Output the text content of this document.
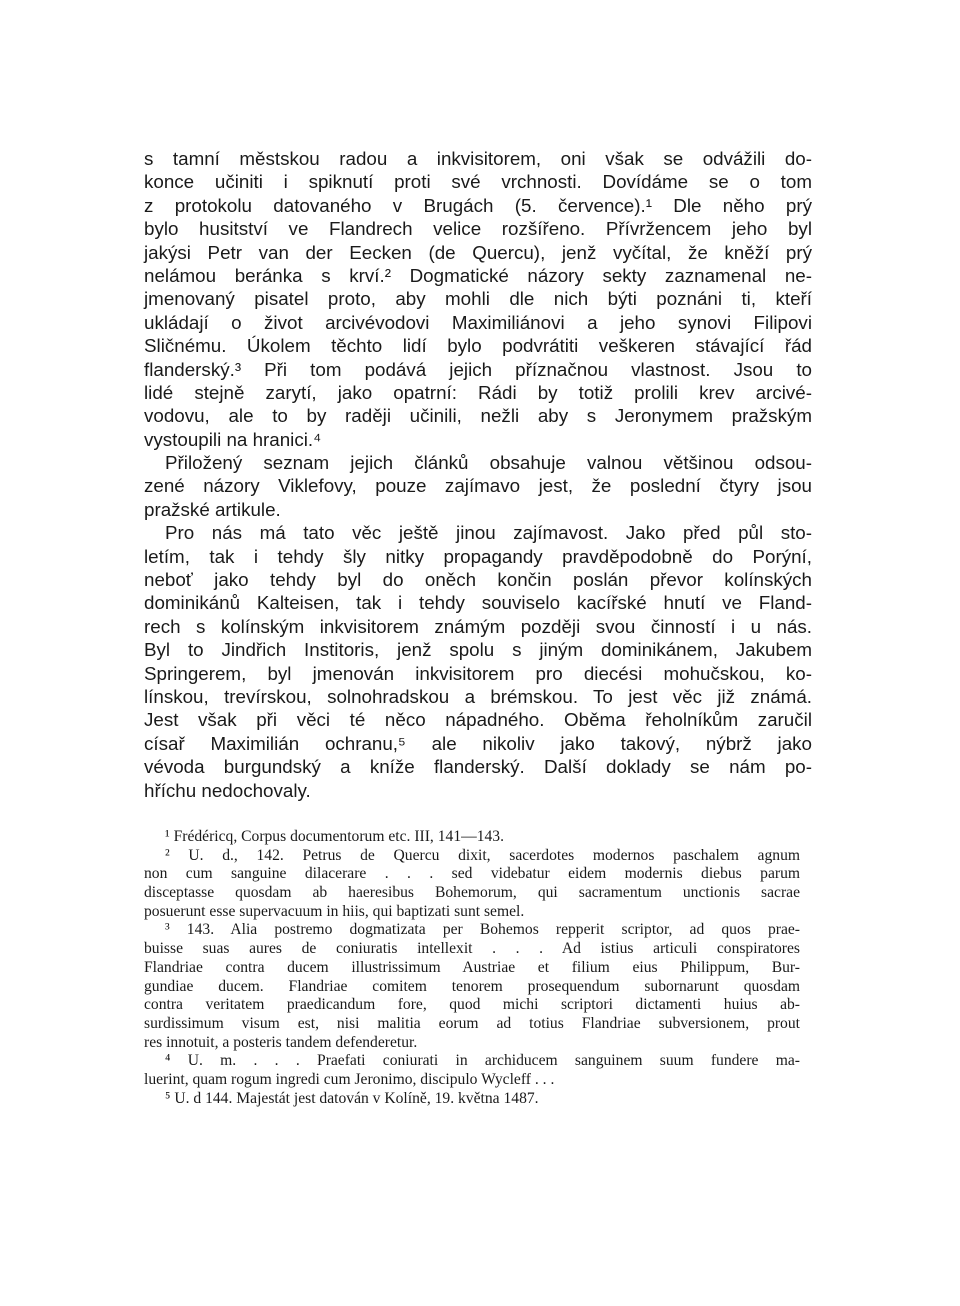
s tamní městskou radou a inkvisitorem, oni však se odvážili do-
konce učiniti i spiknutí proti své vrchnosti. Dovídáme se o tom
z protokolu datovaného v Brugách (5. července).¹ Dle něho prý
bylo husitství ve Flandrech velice rozšířeno. Přívržencem jeho byl
jakýsi Petr van der Eecken (de Quercu), jenž vyčítal, že kněží prý
nelámou beránka s krví.² Dogmatické názory sekty zaznamenal ne-
jmenovaný pisatel proto, aby mohli dle nich býti poznáni ti, kteří
ukládají o život arcivévodovi Maximiliánovi a jeho synovi Filipovi
Sličnému. Úkolem těchto lidí bylo podvrátiti veškeren stávající řád
flanderský.³ Při tom podává jejich příznačnou vlastnost. Jsou to
lidé stejně zarytí, jako opatrní: Rádi by totiž prolili krev arcivé-
vodovu, ale to by raději učinili, nežli aby s Jeronymem pražským
vystoupili na hranici.⁴
Přiložený seznam jejich článků obsahuje valnou většinou odsou-
zené názory Viklefovy, pouze zajímavo jest, že poslední čtyry jsou
pražské artikule.
Pro nás má tato věc ještě jinou zajímavost. Jako před půl sto-
letím, tak i tehdy šly nitky propagandy pravděpodobně do Porýní,
neboť jako tehdy byl do oněch končin poslán převor kolínských
dominikánů Kalteisen, tak i tehdy souviselo kacířské hnutí ve Fland-
rech s kolínským inkvisitorem známým později svou činností i u nás.
Byl to Jindřich Institoris, jenž spolu s jiným dominikánem, Jakubem
Springerem, byl jmenován inkvisitorem pro diecési mohučskou, ko-
línskou, trevírskou, solnohradskou a brémskou. To jest věc již známá.
Jest však při věci té něco nápadného. Oběma řeholníkům zaručil
císař Maximilián ochranu,⁵ ale nikoliv jako takový, nýbrž jako
vévoda burgundský a kníže flanderský. Další doklady se nám po-
hříchu nedochovaly.
¹ Frédéricq, Corpus documentorum etc. III, 141—143.
² U. d., 142. Petrus de Quercu dixit, sacerdotes modernos paschalem agnum
non cum sanguine dilacerare . . . sed videbatur eidem modernis diebus parum
disceptasse quosdam ab haeresibus Bohemorum, qui sacramentum unctionis sacrae
posuerunt esse supervacuum in hiis, qui baptizati sunt semel.
³ 143. Alia postremo dogmatizata per Bohemos repperit scriptor, ad quos prae-
buisse suas aures de coniuratis intellexit . . . Ad istius articuli conspiratores
Flandriae contra ducem illustrissimum Austriae et filium eius Philippum, Bur-
gundiae ducem. Flandriae comitem tenorem prosequendum subornarunt quosdam
contra veritatem praedicandum fore, quod michi scriptori dictamenti huius ab-
surdissimum visum est, nisi malitia eorum ad totius Flandriae subversionem, prout
res innotuit, a posteris tandem defenderetur.
⁴ U. m. . . . Praefati coniurati in archiducem sanguinem suum fundere ma-
luerint, quam rogum ingredi cum Jeronimo, discipulo Wycleff . . .
⁵ U. d 144. Majestát jest datován v Kolíně, 19. května 1487.
